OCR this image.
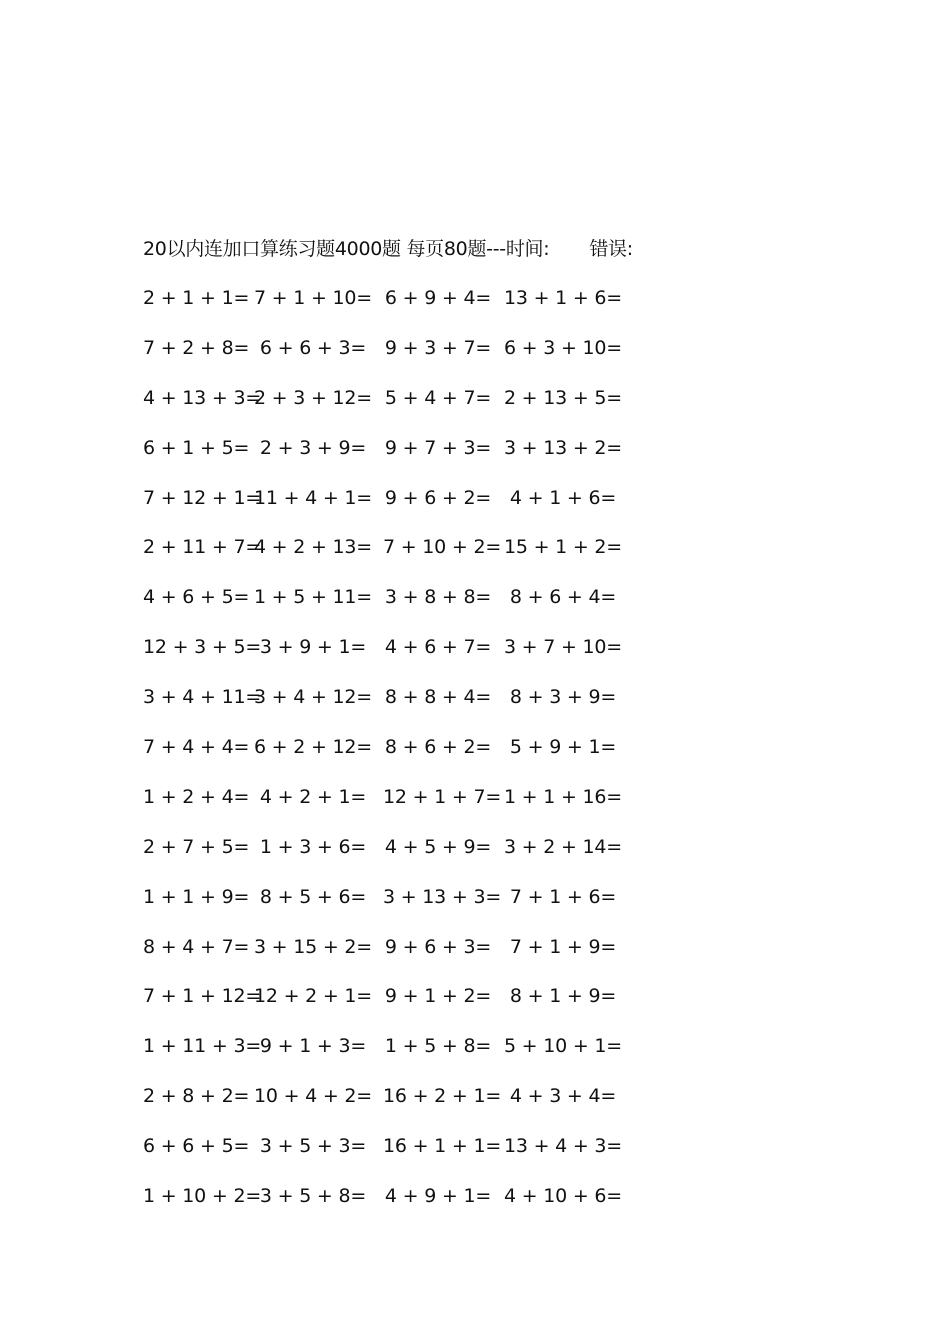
20以内连加口算练习题4000题 每页80题---时间: 错误:
2 + 1 + 1= 7 + 1 + 10= 6 + 9 + 4= 13 + 1 + 6=
7 + 2 + 8= 6 + 6 + 3= 9 + 3 + 7= 6 + 3 + 10=
4 + 13 + 3=
2 + 3 + 12= 5 + 4 + 7= 2 + 13 + 5=
6 + 1 + 5= 2 + 3 + 9= 9 + 7 + 3= 3 + 13 + 2=
7 + 12 + 1=
11 + 4 + 1= 9 + 6 + 2= 4 + 1 + 6=
2 + 11 + 7=
4 + 2 + 13= 7 + 10 + 2= 15 + 1 + 2=
4 + 6 + 5= 1 + 5 + 11= 3 + 8 + 8= 8 + 6 + 4=
12 + 3 + 5=
3 + 9 + 1= 4 + 6 + 7= 3 + 7 + 10=
3 + 4 + 11=
3 + 4 + 12= 8 + 8 + 4= 8 + 3 + 9=
7 + 4 + 4= 6 + 2 + 12= 8 + 6 + 2= 5 + 9 + 1=
1 + 2 + 4= 4 + 2 + 1= 12 + 1 + 7= 1 + 1 + 16=
2 + 7 + 5= 1 + 3 + 6= 4 + 5 + 9= 3 + 2 + 14=
1 + 1 + 9= 8 + 5 + 6= 3 + 13 + 3= 7 + 1 + 6=
8 + 4 + 7= 3 + 15 + 2= 9 + 6 + 3= 7 + 1 + 9=
7 + 1 + 12=
12 + 2 + 1= 9 + 1 + 2= 8 + 1 + 9=
1 + 11 + 3=
9 + 1 + 3= 1 + 5 + 8= 5 + 10 + 1=
2 + 8 + 2= 10 + 4 + 2= 16 + 2 + 1= 4 + 3 + 4=
6 + 6 + 5= 3 + 5 + 3= 16 + 1 + 1= 13 + 4 + 3=
1 + 10 + 2=
3 + 5 + 8= 4 + 9 + 1= 4 + 10 + 6=
